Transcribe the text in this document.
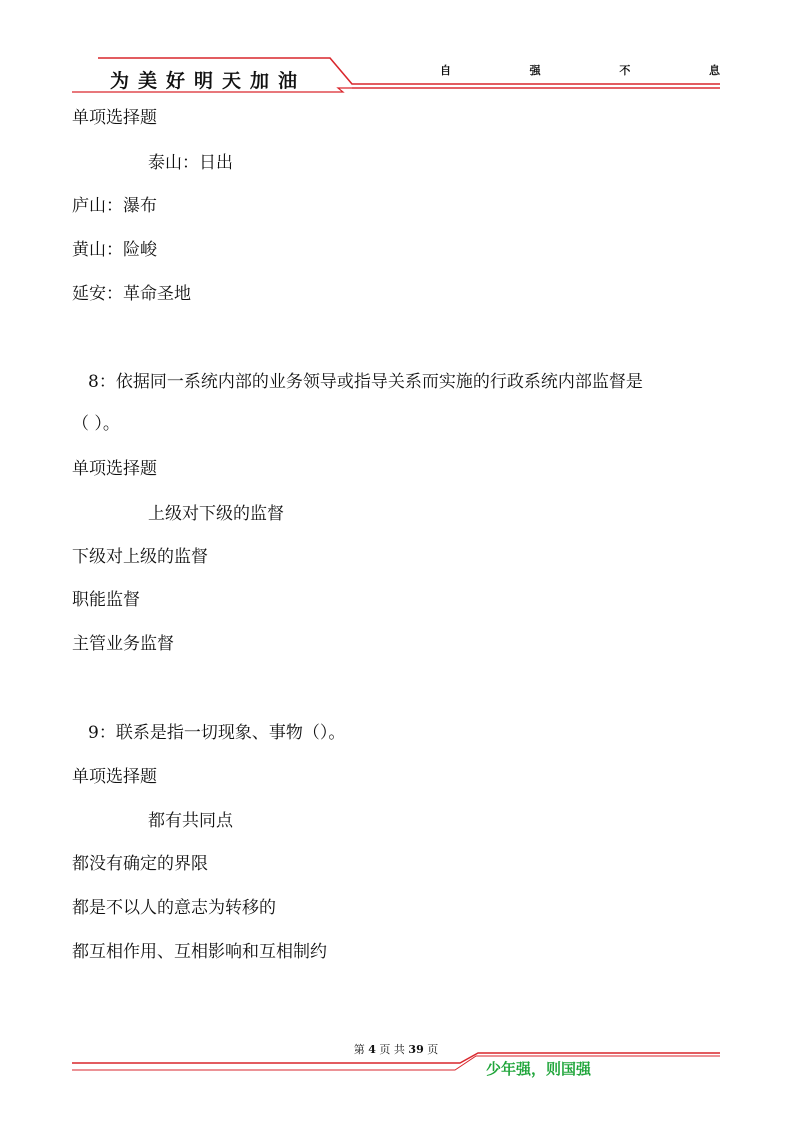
为美好明天加油	自	强	不	息
单项选择题
泰山：日出
庐山：瀑布
黄山：险峻
延安：革命圣地
8：依据同一系统内部的业务领导或指导关系而实施的行政系统内部监督是
（ ）。
单项选择题
上级对下级的监督
下级对上级的监督
职能监督
主管业务监督
9：联系是指一切现象、事物（）。
单项选择题
都有共同点
都没有确定的界限
都是不以人的意志为转移的
都互相作用、互相影响和互相制约
第 4 页 共 39 页
少年强，则国强
